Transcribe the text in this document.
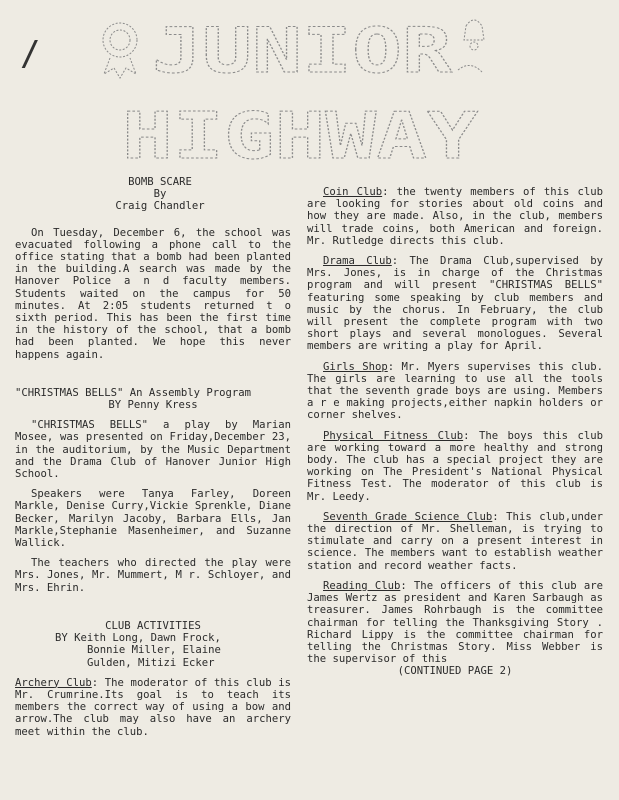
/ JUNIOR
HIGHWAY
BOMB SCARE
By
Craig Chandler

On Tuesday, December 6, the school was evacuated following a phone call to the office stating that a bomb had been planted in the building.A search was made by the Hanover Police a n d faculty members. Students waited on the campus for 50 minutes. At 2:05 students returned t o sixth period. This has been the first time in the history of the school, that a bomb had been planted. We hope this never happens again.

"CHRISTMAS BELLS" An Assembly Program
BY Penny Kress

"CHRISTMAS BELLS" a play by Marian Mosee, was presented on Friday,December 23, in the auditorium, by the Music Department and the Drama Club of Hanover Junior High School.

Speakers were Tanya Farley, Doreen Markle, Denise Curry,Vickie Sprenkle, Diane Becker, Marilyn Jacoby, Barbara Ells, Jan Markle,Stephanie Masenheimer, and Suzanne Wallick.

The teachers who directed the play were Mrs. Jones, Mr. Mummert, M r. Schloyer, and Mrs. Ehrin.

CLUB ACTIVITIES
BY Keith Long, Dawn Frock,
Bonnie Miller, Elaine
Gulden, Mitizi Ecker

Archery Club: The moderator of this club is Mr. Crumrine.Its goal is to teach its members the correct way of using a bow and arrow.The club may also have an archery meet within the club.

Coin Club: the twenty members of this club are looking for stories about old coins and how they are made. Also, in the club, members will trade coins, both American and foreign. Mr. Rutledge directs this club.

Drama Club: The Drama Club,supervised by Mrs. Jones, is in charge of the Christmas program and will present "CHRISTMAS BELLS" featuring some speaking by club members and music by the chorus. In February, the club will present the complete program with two short plays and several monologues. Several members are writing a play for April.

Girls Shop: Mr. Myers supervises this club. The girls are learning to use all the tools that the seventh grade boys are using. Members a r e making projects,either napkin holders or corner shelves.

Physical Fitness Club: The boys this club are working toward a more healthy and strong body. The club has a special project they are working on The President's National Physical Fitness Test. The moderator of this club is Mr. Leedy.

Seventh Grade Science Club: This club,under the direction of Mr. Shelleman, is trying to stimulate and carry on a present interest in science. The members want to establish weather station and record weather facts.

Reading Club: The officers of this club are James Wertz as president and Karen Sarbaugh as treasurer. James Rohrbaugh is the committee chairman for telling the Thanksgiving Story . Richard Lippy is the committee chairman for telling the Christmas Story. Miss Webber is the supervisor of this

(CONTINUED PAGE 2)
